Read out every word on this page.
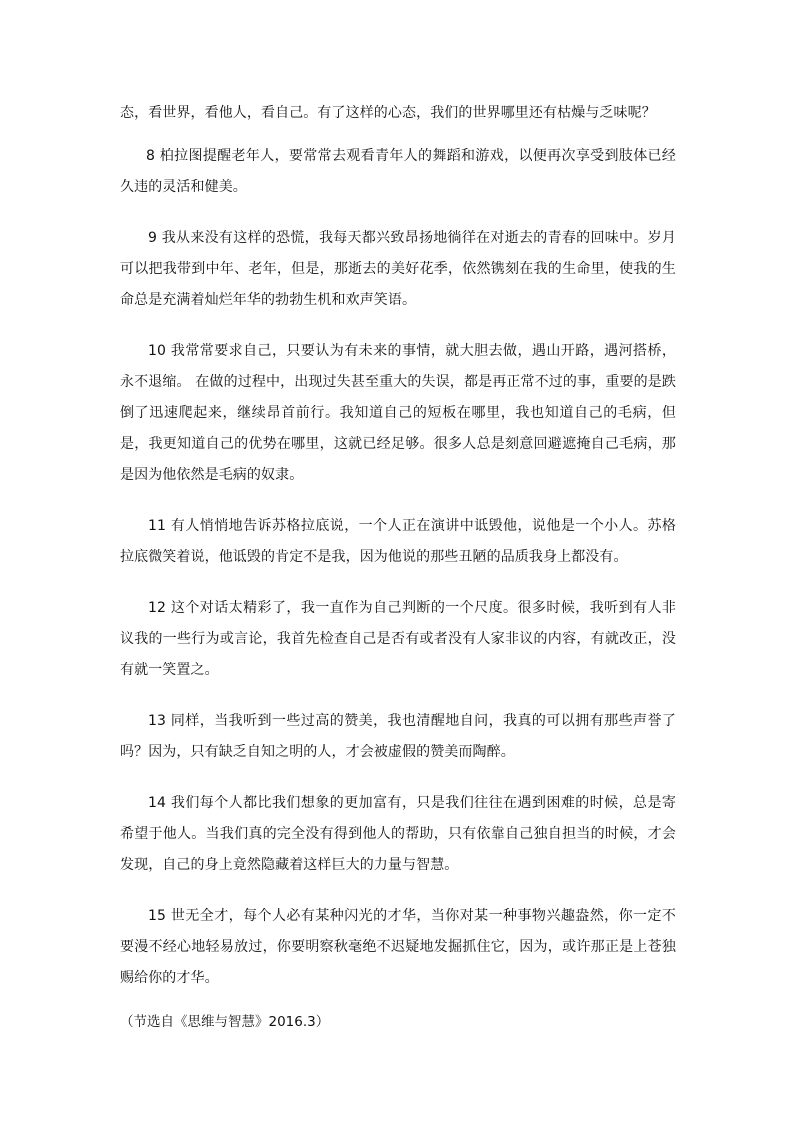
态，看世界，看他人，看自己。有了这样的心态，我们的世界哪里还有枯燥与乏味呢？

8 柏拉图提醒老年人，要常常去观看青年人的舞蹈和游戏，以便再次享受到肢体已经久违的灵活和健美。

9 我从来没有这样的恐慌，我每天都兴致昂扬地徜徉在对逝去的青春的回味中。岁月可以把我带到中年、老年，但是，那逝去的美好花季，依然镌刻在我的生命里，使我的生命总是充满着灿烂年华的勃勃生机和欢声笑语。

10 我常常要求自己，只要认为有未来的事情，就大胆去做，遇山开路，遇河搭桥，永不退缩。 在做的过程中，出现过失甚至重大的失误，都是再正常不过的事，重要的是跌倒了迅速爬起来，继续昂首前行。我知道自己的短板在哪里，我也知道自己的毛病，但是，我更知道自己的优势在哪里，这就已经足够。很多人总是刻意回避遮掩自己毛病，那是因为他依然是毛病的奴隶。

11 有人悄悄地告诉苏格拉底说，一个人正在演讲中诋毁他，说他是一个小人。苏格拉底微笑着说，他诋毁的肯定不是我，因为他说的那些丑陋的品质我身上都没有。

12 这个对话太精彩了，我一直作为自己判断的一个尺度。很多时候，我听到有人非议我的一些行为或言论，我首先检查自己是否有或者没有人家非议的内容，有就改正，没有就一笑置之。

13 同样，当我听到一些过高的赞美，我也清醒地自问，我真的可以拥有那些声誉了吗？因为，只有缺乏自知之明的人，才会被虚假的赞美而陶醉。

14 我们每个人都比我们想象的更加富有，只是我们往往在遇到困难的时候，总是寄希望于他人。当我们真的完全没有得到他人的帮助，只有依靠自己独自担当的时候，才会发现，自己的身上竟然隐藏着这样巨大的力量与智慧。

15 世无全才，每个人必有某种闪光的才华，当你对某一种事物兴趣盎然，你一定不要漫不经心地轻易放过，你要明察秋毫绝不迟疑地发掘抓住它，因为，或许那正是上苍独赐给你的才华。

（节选自《思维与智慧》2016.3）
